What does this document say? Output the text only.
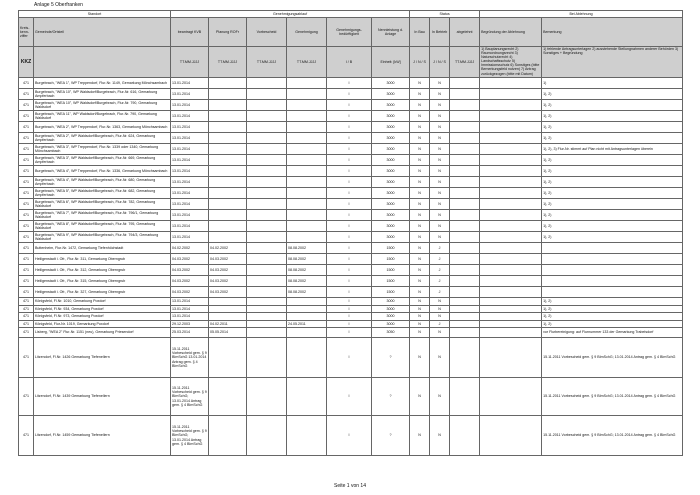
Anlage 5 Oberfranken
Standort		Genehmigungsablauf						Status			Bei Ablehnung	
Kreis-kenn-ziffer	Gemeinde/Ortsteil	beantragt KVB	Planung ROFr	Vorbescheid	Genehmigung	Genehmigungs-bedürftigkeit	Nennleistung d. Anlage	In Bau	In Betrieb	abgelehnt	Begründung der Ablehnung	Bemerkung
KKZ		TT.MM.JJJJ	TT.MM.JJJJ	TT.MM.JJJJ	TT.MM.JJJJ	I / B	Einheit: [kW]	J / N / S	J / N / S	TT.MM.JJJJ	1) Bauplanungsrecht 2) Raumordnungsrecht 3) Naturschutzrecht 4) Landschaftsschutz 5) Immissionsschutz 6) Sonstiges (bitte Bemerkungsfeld nutzen) 7) Antrag zurückgezogen (bitte mit Datum)	1) fehlende Antragsunterlagen 2) ausstehende Stellungnahmen anderer Behörden 3) Sonstiges + Begründung
471	Burgebrach, "WEA 1", WP Treppendorf, Flur-Nr. 1149, Gemarkung Mönchsambach	13.01.2014				I	3000	N	N			1)
471	Burgebrach, "WEA 10", WP Waldsdorf/Burgebrach, Flur-Nr. 616, Gemarkung Ampferbach	13.01.2014				I	3000	N	N			1), 2)
471	Burgebrach, "WEA 10", WP Waldsdorf/Burgebrach, Flur-Nr. 790, Gemarkung Waldsdorf	13.01.2014				I	3000	N	N			1), 2)
471	Burgebrach, "WEA 11", WP Waldsdorf/Burgebrach, Flur-Nr. 790, Gemarkung Waldsdorf	13.01.2014				I	3000	N	N			1), 2)
471	Burgebrach, "WEA 2", WP Treppendorf, Flur-Nr. 1363, Gemarkung Mönchsambach	13.01.2014				I	3000	N	N			1), 2)
471	Burgebrach, "WEA 2", WP Waldsdorf/Burgebrach, Flur-Nr. 624, Gemarkung Ampferbach	13.01.2014				I	3000	N	N			1), 2)
471	Burgebrach, "WEA 3", WP Treppendorf, Flur-Nr. 1339 oder 1340, Gemarkung Mönchsambach	13.01.2014				I	3000	N	N			1), 2), 3) Flur-Nr. stimmt auf Plan nicht mit Antragsunterlagen überein
471	Burgebrach, "WEA 3", WP Waldsdorf/Burgebrach, Flur-Nr. 669, Gemarkung Ampferbach	13.01.2014				I	3000	N	N			1), 2)
471	Burgebrach, "WEA 4", WP Treppendorf, Flur-Nr. 1336, Gemarkung Mönchsambach	13.01.2014				I	3000	N	N			1), 2)
471	Burgebrach, "WEA 4", WP Waldsdorf/Burgebrach, Flur-Nr. 680, Gemarkung Ampferbach	13.01.2014				I	3000	N	N			1), 2)
471	Burgebrach, "WEA 5", WP Waldsdorf/Burgebrach, Flur-Nr. 682, Gemarkung Ampferbach	13.01.2014				I	3000	N	N			1), 2)
471	Burgebrach, "WEA 6", WP Waldsdorf/Burgebrach, Flur-Nr. 782, Gemarkung Waldsdorf	13.01.2014				I	3000	N	N			1), 2)
471	Burgebrach, "WEA 7", WP Waldsdorf/Burgebrach, Flur-Nr. 796/1, Gemarkung Waldsdorf	13.01.2014				I	3000	N	N			1), 2)
471	Burgebrach, "WEA 8", WP Waldsdorf/Burgebrach, Flur-Nr. 795, Gemarkung Waldsdorf	13.01.2014				I	3000	N	N			1), 2)
471	Burgebrach, "WEA 9", WP Waldsdorf/Burgebrach, Flur-Nr. 794/3, Gemarkung Waldsdorf	13.01.2014				I	3000	N	N			1), 2)
471	Buttenheim, Flur-Nr. 1472, Gemarkung Tiefenhöchstadt	04.02.2002	04.02.2002		08.08.2002	I	1500	N	J			
471	Heiligenstadt i. Ofr., Flur-Nr. 311, Gemarkung Oberngrub	04.03.2002	04.03.2002		08.08.2002	I	1500	N	J			
471	Heiligenstadt i. Ofr., Flur-Nr. 312, Gemarkung Oberngrub	04.03.2002	04.03.2002		08.08.2002	I	1500	N	J			
471	Heiligenstadt i. Ofr., Flur-Nr. 315, Gemarkung Oberngrub	04.03.2002	04.03.2002		08.08.2002	I	1500	N	J			
471	Heiligenstadt i. Ofr., Flur-Nr. 327, Gemarkung Oberngrub	04.03.2002	04.03.2002		08.08.2002	I	1500	N	J			
471	Königsfeld, Fl.Nr. 1010, Gemarkung Poxdorf	13.01.2014				I	3000	N	N			1), 2)
471	Königsfeld, Fl.Nr. 934, Gemarkung Poxdorf	13.01.2014				I	3000	N	N			1), 2)
471	Königsfeld, Fl.Nr. 973, Gemarkung Poxdorf	13.01.2014				I	3000	N	N			1), 2)
471	Königsfeld, Flur-Nr. 1019, Gemarkung Poxdorf	29.12.2003	04.02.2011		24.05.2011	I	3000	N	J			1), 2)
471	Lisberg, "WEA 2" Flur-Nr. 1151 (neu), Gemarkung Priesendorf	25.03.2014	05.05.2014			I	3050	N	N			vor Flurbereinigung: auf Flurnummer 133 der Gemarkung Trabelsdorf
471	Litzendorf, Fl.Nr. 1426 Gemarkung Tiefenellern	15.11.2011 Vorbescheid gem. § 9 BImSchG 13.01.2014 Antrag gem. § 4 BImSchG				I	?	N	N			15.11.2011 Vorbescheid gem. § 9 BImSchG; 13.01.2014 Antrag gem. § 4 BImSchG
471	Litzendorf, Fl.Nr. 1439 Gemarkung Tiefenellern	15.11.2011 Vorbescheid gem. § 9 BImSchG; 13.01.2014 Antrag gem. § 4 BImSchG				I	?	N	N			15.11.2011 Vorbescheid gem. § 9 BImSchG; 13.01.2014 Antrag gem. § 4 BImSchG
471	Litzendorf, Fl.Nr. 1459 Gemarkung Tiefenellern	15.11.2011 Vorbescheid gem. § 9 BImSchG; 13.01.2014 Antrag gem. § 4 BImSchG				I	?	N	N			15.11.2011 Vorbescheid gem. § 9 BImSchG; 13.01.2014 Antrag gem. § 4 BImSchG
Seite 1 von 14
